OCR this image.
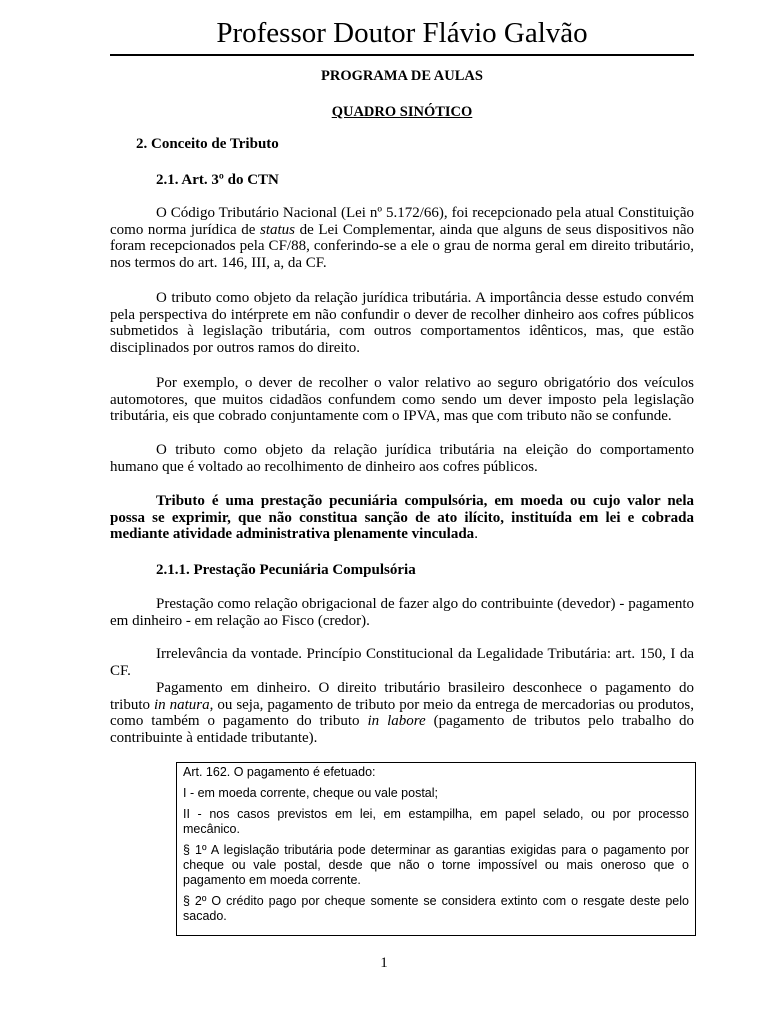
Professor Doutor Flávio Galvão
PROGRAMA DE AULAS
QUADRO SINÓTICO
2. Conceito de Tributo
2.1. Art. 3º do CTN
O Código Tributário Nacional (Lei nº 5.172/66), foi recepcionado pela atual Constituição como norma jurídica de status de Lei Complementar, ainda que alguns de seus dispositivos não foram recepcionados pela CF/88, conferindo-se a ele o grau de norma geral em direito tributário, nos termos do art. 146, III, a, da CF.
O tributo como objeto da relação jurídica tributária. A importância desse estudo convém pela perspectiva do intérprete em não confundir o dever de recolher dinheiro aos cofres públicos submetidos à legislação tributária, com outros comportamentos idênticos, mas, que estão disciplinados por outros ramos do direito.
Por exemplo, o dever de recolher o valor relativo ao seguro obrigatório dos veículos automotores, que muitos cidadãos confundem como sendo um dever imposto pela legislação tributária, eis que cobrado conjuntamente com o IPVA, mas que com tributo não se confunde.
O tributo como objeto da relação jurídica tributária na eleição do comportamento humano que é voltado ao recolhimento de dinheiro aos cofres públicos.
Tributo é uma prestação pecuniária compulsória, em moeda ou cujo valor nela possa se exprimir, que não constitua sanção de ato ilícito, instituída em lei e cobrada mediante atividade administrativa plenamente vinculada.
2.1.1. Prestação Pecuniária Compulsória
Prestação como relação obrigacional de fazer algo do contribuinte (devedor) - pagamento em dinheiro - em relação ao Fisco (credor).
Irrelevância da vontade. Princípio Constitucional da Legalidade Tributária: art. 150, I da CF.
Pagamento em dinheiro. O direito tributário brasileiro desconhece o pagamento do tributo in natura, ou seja, pagamento de tributo por meio da entrega de mercadorias ou produtos, como também o pagamento do tributo in labore (pagamento de tributos pelo trabalho do contribuinte à entidade tributante).

Art. 162. O pagamento é efetuado:

I - em moeda corrente, cheque ou vale postal;

II - nos casos previstos em lei, em estampilha, em papel selado, ou por processo mecânico.

§ 1º A legislação tributária pode determinar as garantias exigidas para o pagamento por cheque ou vale postal, desde que não o torne impossível ou mais oneroso que o pagamento em moeda corrente.

§ 2º O crédito pago por cheque somente se considera extinto com o resgate deste pelo sacado.

1
